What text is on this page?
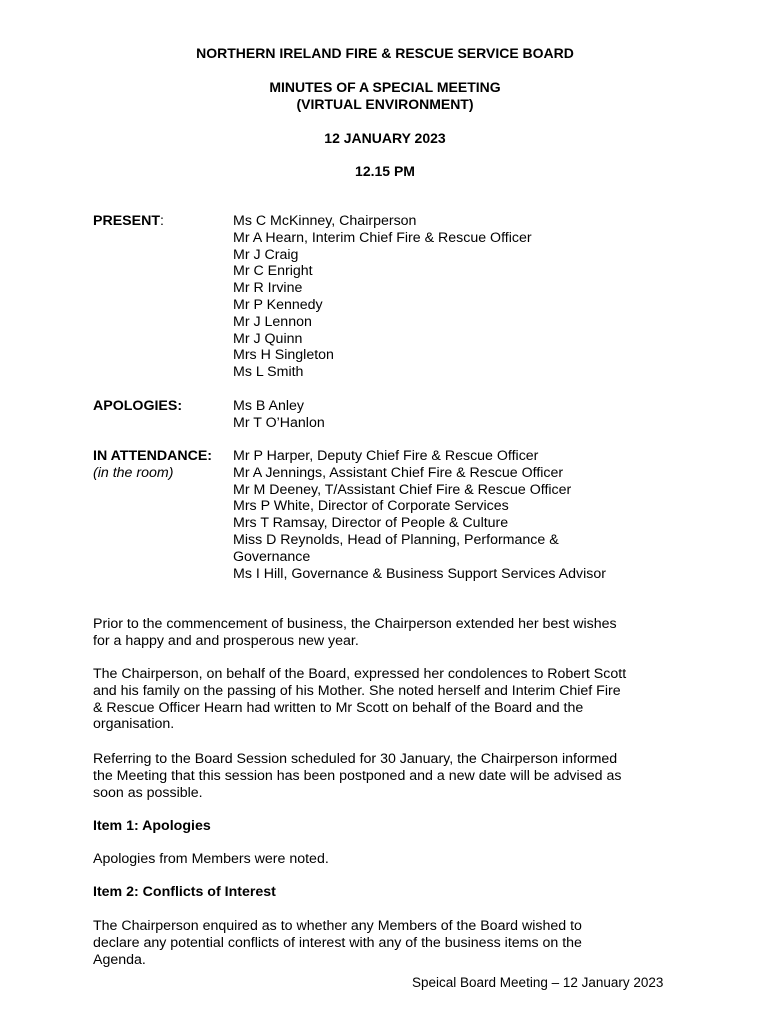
NORTHERN IRELAND FIRE & RESCUE SERVICE BOARD
MINUTES OF A SPECIAL MEETING
(VIRTUAL ENVIRONMENT)
12 JANUARY 2023
12.15 PM
PRESENT:	Ms C McKinney, Chairperson
Mr A Hearn, Interim Chief Fire & Rescue Officer
Mr J Craig
Mr C Enright
Mr R Irvine
Mr P Kennedy
Mr J Lennon
Mr J Quinn
Mrs H Singleton
Ms L Smith
APOLOGIES:	Ms B Anley
Mr T O’Hanlon
IN ATTENDANCE:
(in the room)
Mr P Harper, Deputy Chief Fire & Rescue Officer
Mr A Jennings, Assistant Chief Fire & Rescue Officer
Mr M Deeney, T/Assistant Chief Fire & Rescue Officer
Mrs P White, Director of Corporate Services
Mrs T Ramsay, Director of People & Culture
Miss D Reynolds, Head of Planning, Performance &
Governance
Ms I Hill, Governance & Business Support Services Advisor
Prior to the commencement of business, the Chairperson extended her best wishes
for a happy and and prosperous new year.
The Chairperson, on behalf of the Board, expressed her condolences to Robert Scott
and his family on the passing of his Mother. She noted herself and Interim Chief Fire
& Rescue Officer Hearn had written to Mr Scott on behalf of the Board and the
organisation.
Referring to the Board Session scheduled for 30 January, the Chairperson informed
the Meeting that this session has been postponed and a new date will be advised as
soon as possible.
Item 1: Apologies
Apologies from Members were noted.
Item 2: Conflicts of Interest
The Chairperson enquired as to whether any Members of the Board wished to
declare any potential conflicts of interest with any of the business items on the
Agenda.
Speical Board Meeting – 12 January 2023
